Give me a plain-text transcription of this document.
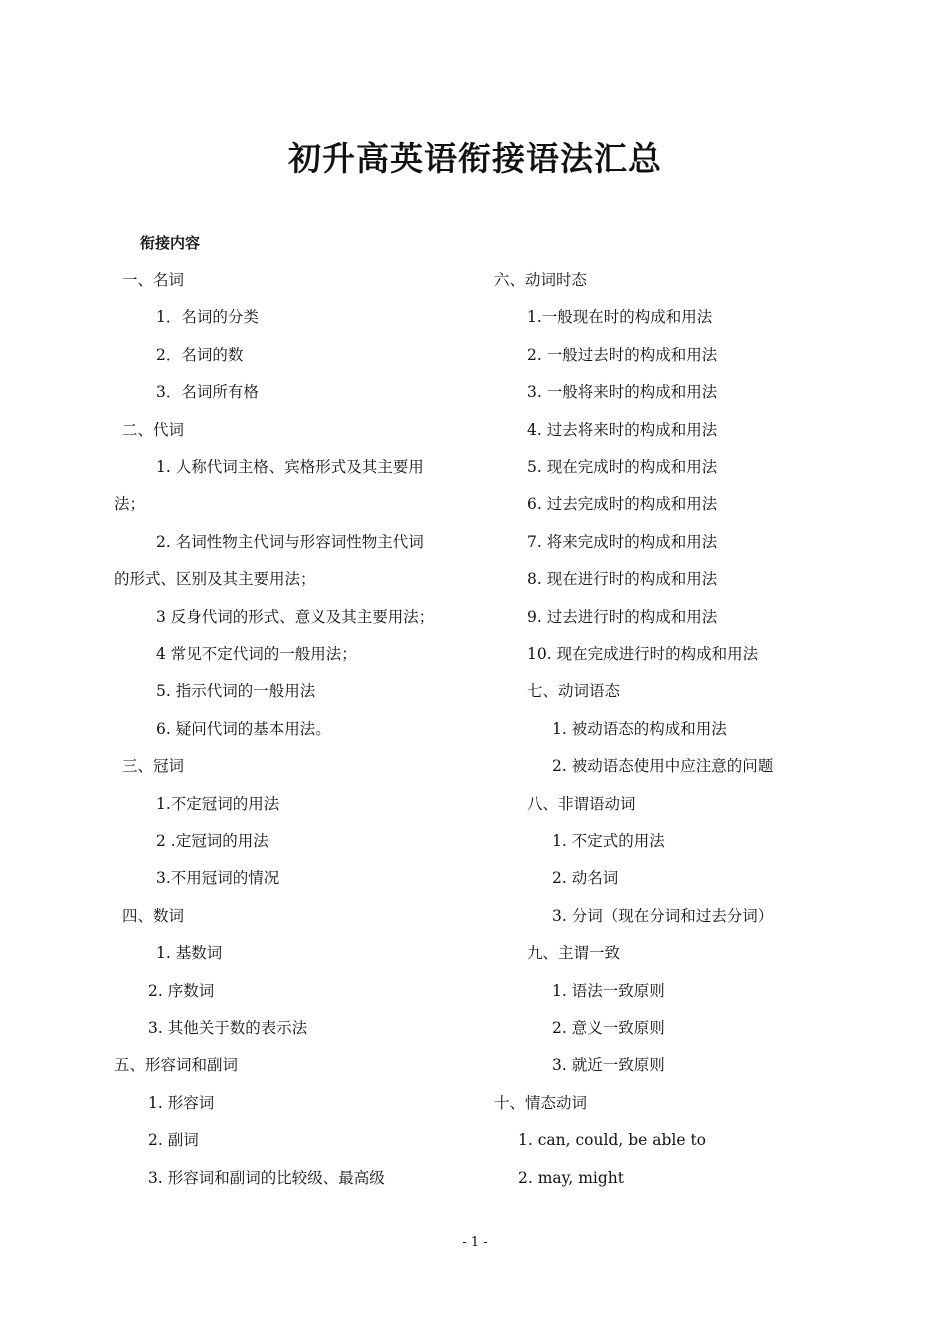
初升高英语衔接语法汇总
衔接内容
一、名词
1．名词的分类
2．名词的数
3．名词所有格
二、代词
1. 人称代词主格、宾格形式及其主要用
法；
2. 名词性物主代词与形容词性物主代词
的形式、区别及其主要用法；
3 反身代词的形式、意义及其主要用法；
4 常见不定代词的一般用法；
5. 指示代词的一般用法
6. 疑问代词的基本用法。
三、冠词
1.不定冠词的用法
2 .定冠词的用法
3.不用冠词的情况
四、数词
1. 基数词
2. 序数词
3. 其他关于数的表示法
五、形容词和副词
1. 形容词
2. 副词
3. 形容词和副词的比较级、最高级
六、动词时态
1.一般现在时的构成和用法
2. 一般过去时的构成和用法
3. 一般将来时的构成和用法
4. 过去将来时的构成和用法
5. 现在完成时的构成和用法
6. 过去完成时的构成和用法
7. 将来完成时的构成和用法
8. 现在进行时的构成和用法
9. 过去进行时的构成和用法
10. 现在完成进行时的构成和用法
七、动词语态
1. 被动语态的构成和用法
2. 被动语态使用中应注意的问题
八、非谓语动词
1. 不定式的用法
2. 动名词
3. 分词（现在分词和过去分词）
九、主谓一致
1. 语法一致原则
2. 意义一致原则
3. 就近一致原则
十、情态动词
1. can, could, be able to
2. may, might
- 1 -
